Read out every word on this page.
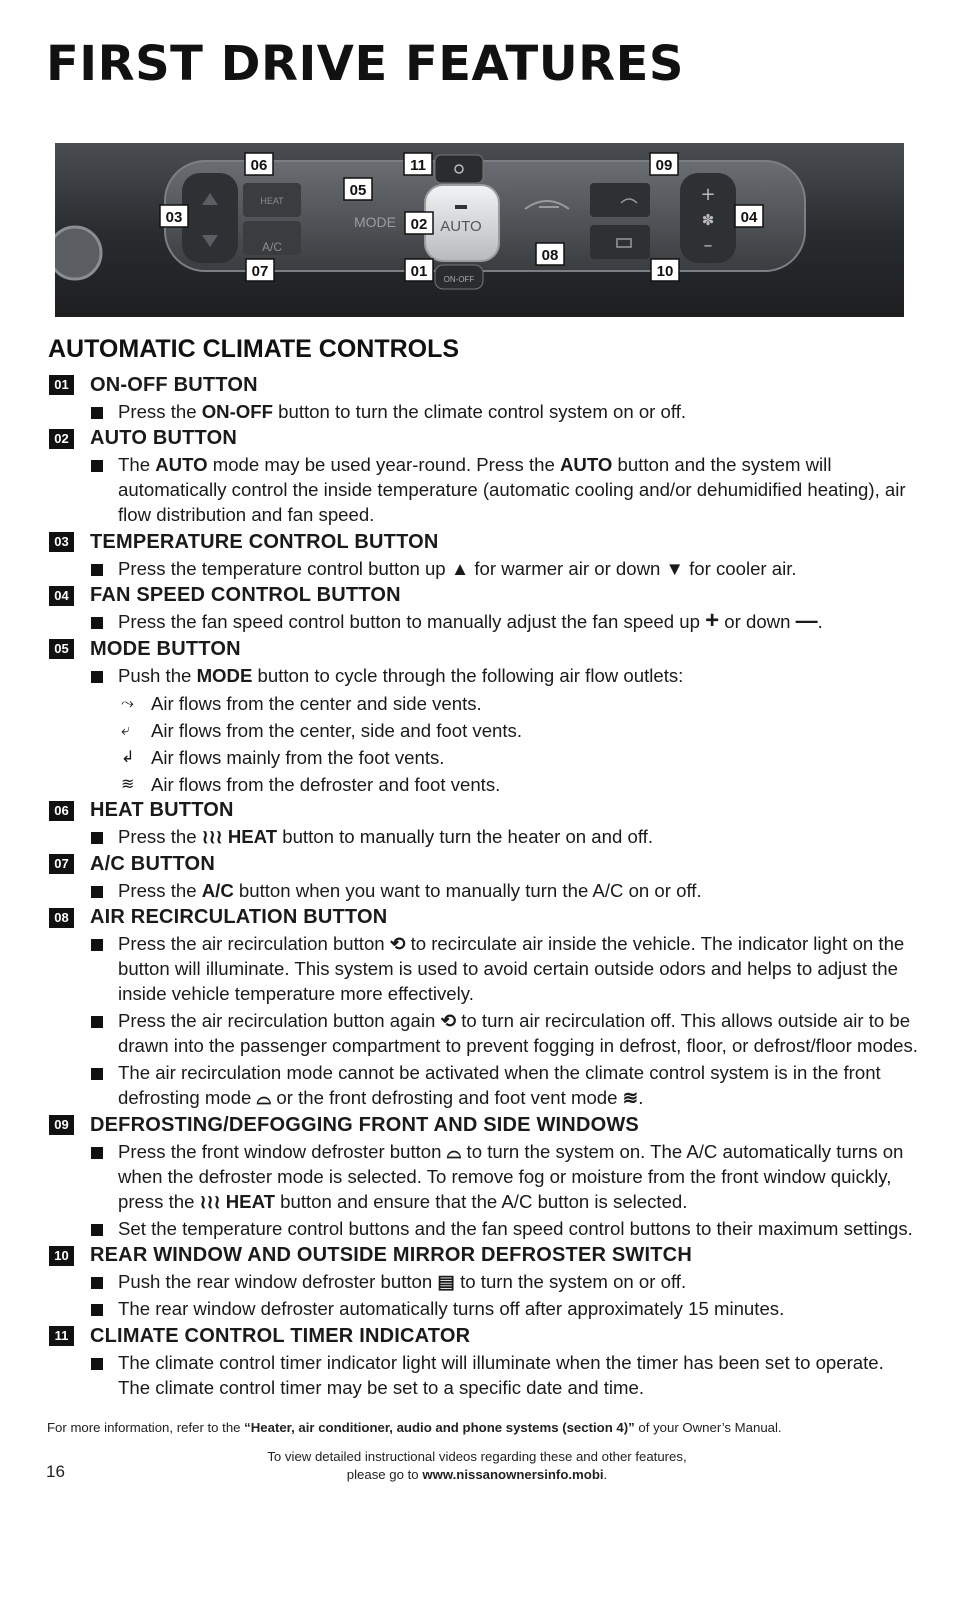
FIRST DRIVE FEATURES
HEAT
A/C
MODE	AUTO
ON-OFF
+
✽
–
06	11	09
05
03	02	04
08
07	01	10
AUTOMATIC CLIMATE CONTROLS
01 ON-OFF BUTTON
Press the ON-OFF button to turn the climate control system on or off.
02 AUTO BUTTON
The AUTO mode may be used year-round. Press the AUTO button and the system will automatically control the inside temperature (automatic cooling and/or dehumidified heating), air flow distribution and fan speed.
03 TEMPERATURE CONTROL BUTTON
Press the temperature control button up ▲ for warmer air or down ▼ for cooler air.
04 FAN SPEED CONTROL BUTTON
Press the fan speed control button to manually adjust the fan speed up + or down —.
05 MODE BUTTON
Push the MODE button to cycle through the following air flow outlets:
⤳ Air flows from the center and side vents.
⤶	Air flows from the center, side and foot vents.
↲ Air flows mainly from the foot vents.
≋ Air flows from the defroster and foot vents.
06 HEAT BUTTON
Press the ≀≀≀ HEAT button to manually turn the heater on and off.
07 A/C BUTTON
Press the A/C button when you want to manually turn the A/C on or off.
08 AIR RECIRCULATION BUTTON
Press the air recirculation button ⟲ to recirculate air inside the vehicle. The indicator light on the button will illuminate. This system is used to avoid certain outside odors and helps to adjust the inside vehicle temperature more effectively.
Press the air recirculation button again ⟲ to turn air recirculation off. This allows outside air to be drawn into the passenger compartment to prevent fogging in defrost, floor, or defrost/floor modes.
The air recirculation mode cannot be activated when the climate control system is in the front defrosting mode ⌓ or the front defrosting and foot vent mode ≋.
09 DEFROSTING/DEFOGGING FRONT AND SIDE WINDOWS
Press the front window defroster button ⌓ to turn the system on. The A/C automatically turns on when the defroster mode is selected. To remove fog or moisture from the front window quickly, press the ≀≀≀ HEAT button and ensure that the A/C button is selected.
Set the temperature control buttons and the fan speed control buttons to their maximum settings.
10 REAR WINDOW AND OUTSIDE MIRROR DEFROSTER SWITCH
Push the rear window defroster button ▤ to turn the system on or off.
The rear window defroster automatically turns off after approximately 15 minutes.
11 CLIMATE CONTROL TIMER INDICATOR
The climate control timer indicator light will illuminate when the timer has been set to operate. The climate control timer may be set to a specific date and time.
For more information, refer to the “Heater, air conditioner, audio and phone systems (section 4)” of your Owner’s Manual.
To view detailed instructional videos regarding these and other features,
please go to www.nissanownersinfo.mobi.
16
